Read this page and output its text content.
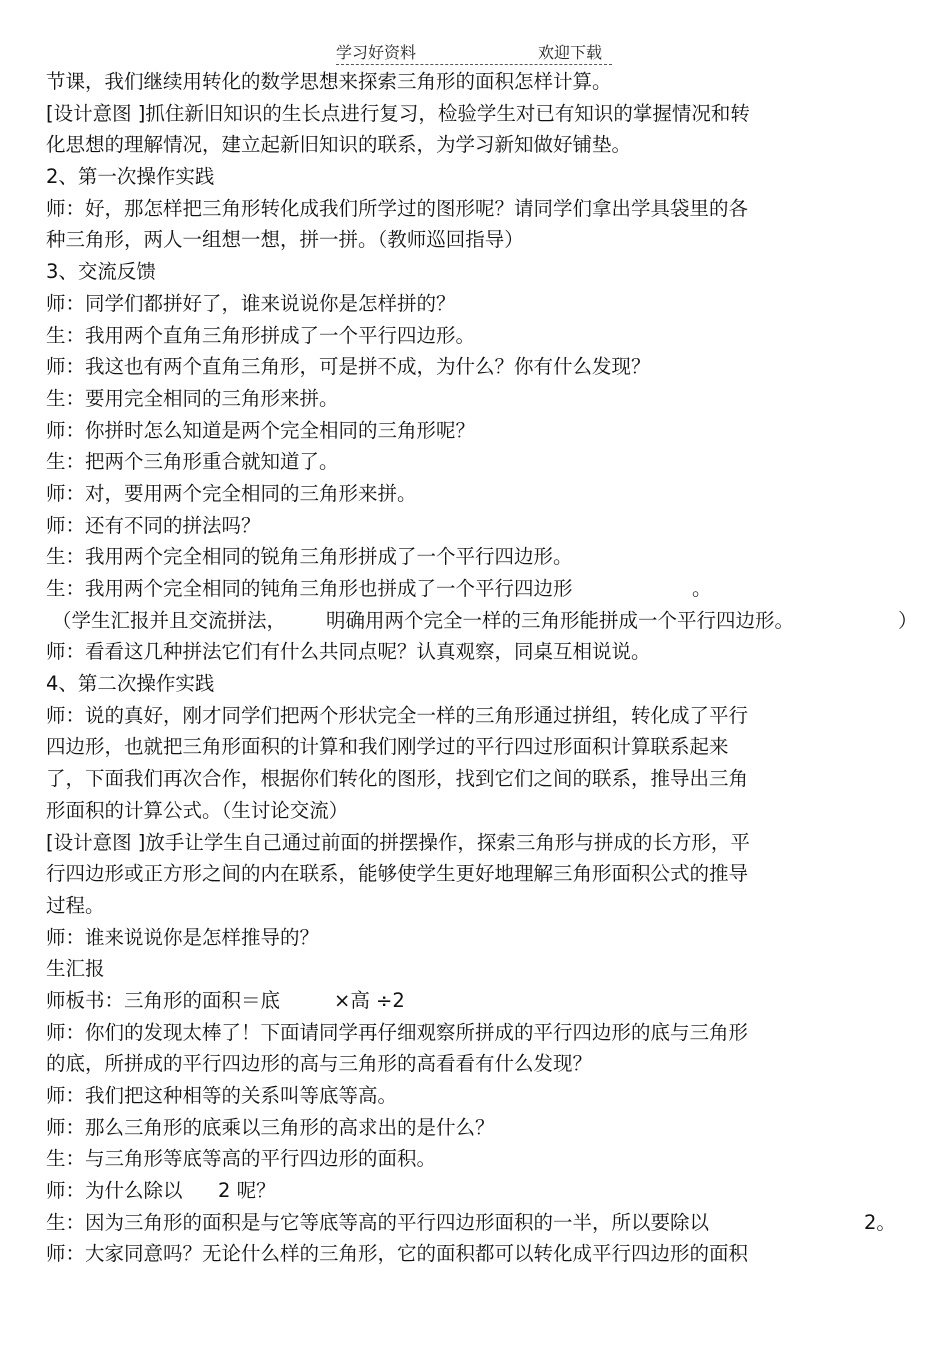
学习好资料	欢迎下载
节课，我们继续用转化的数学思想来探索三角形的面积怎样计算。
[设计意图 ]抓住新旧知识的生长点进行复习，检验学生对已有知识的掌握情况和转
化思想的理解情况，建立起新旧知识的联系，为学习新知做好铺垫。
2、第一次操作实践
师：好，那怎样把三角形转化成我们所学过的图形呢？请同学们拿出学具袋里的各
种三角形，两人一组想一想，拼一拼。（教师巡回指导）
3、交流反馈
师：同学们都拼好了，谁来说说你是怎样拼的？
生：我用两个直角三角形拼成了一个平行四边形。
师：我这也有两个直角三角形，可是拼不成，为什么？你有什么发现？
生：要用完全相同的三角形来拼。
师：你拼时怎么知道是两个完全相同的三角形呢？
生：把两个三角形重合就知道了。
师：对，要用两个完全相同的三角形来拼。
师：还有不同的拼法吗？
生：我用两个完全相同的锐角三角形拼成了一个平行四边形。
生：我用两个完全相同的钝角三角形也拼成了一个平行四边形	。
（学生汇报并且交流拼法， 明确用两个完全一样的三角形能拼成一个平行四边形。	）
师：看看这几种拼法它们有什么共同点呢？认真观察，同桌互相说说。
4、第二次操作实践
师：说的真好，刚才同学们把两个形状完全一样的三角形通过拼组，转化成了平行
四边形，也就把三角形面积的计算和我们刚学过的平行四过形面积计算联系起来
了，下面我们再次合作，根据你们转化的图形，找到它们之间的联系，推导出三角
形面积的计算公式。（生讨论交流）
[设计意图 ]放手让学生自己通过前面的拼摆操作，探索三角形与拼成的长方形，平
行四边形或正方形之间的内在联系，能够使学生更好地理解三角形面积公式的推导
过程。
师：谁来说说你是怎样推导的？
生汇报
师板书：三角形的面积＝底	×高 ÷2
师：你们的发现太棒了！下面请同学再仔细观察所拼成的平行四边形的底与三角形
的底，所拼成的平行四边形的高与三角形的高看看有什么发现？
师：我们把这种相等的关系叫等底等高。
师：那么三角形的底乘以三角形的高求出的是什么？
生：与三角形等底等高的平行四边形的面积。
师：为什么除以 2 呢？
生：因为三角形的面积是与它等底等高的平行四边形面积的一半，所以要除以	2。
师：大家同意吗？无论什么样的三角形，它的面积都可以转化成平行四边形的面积
